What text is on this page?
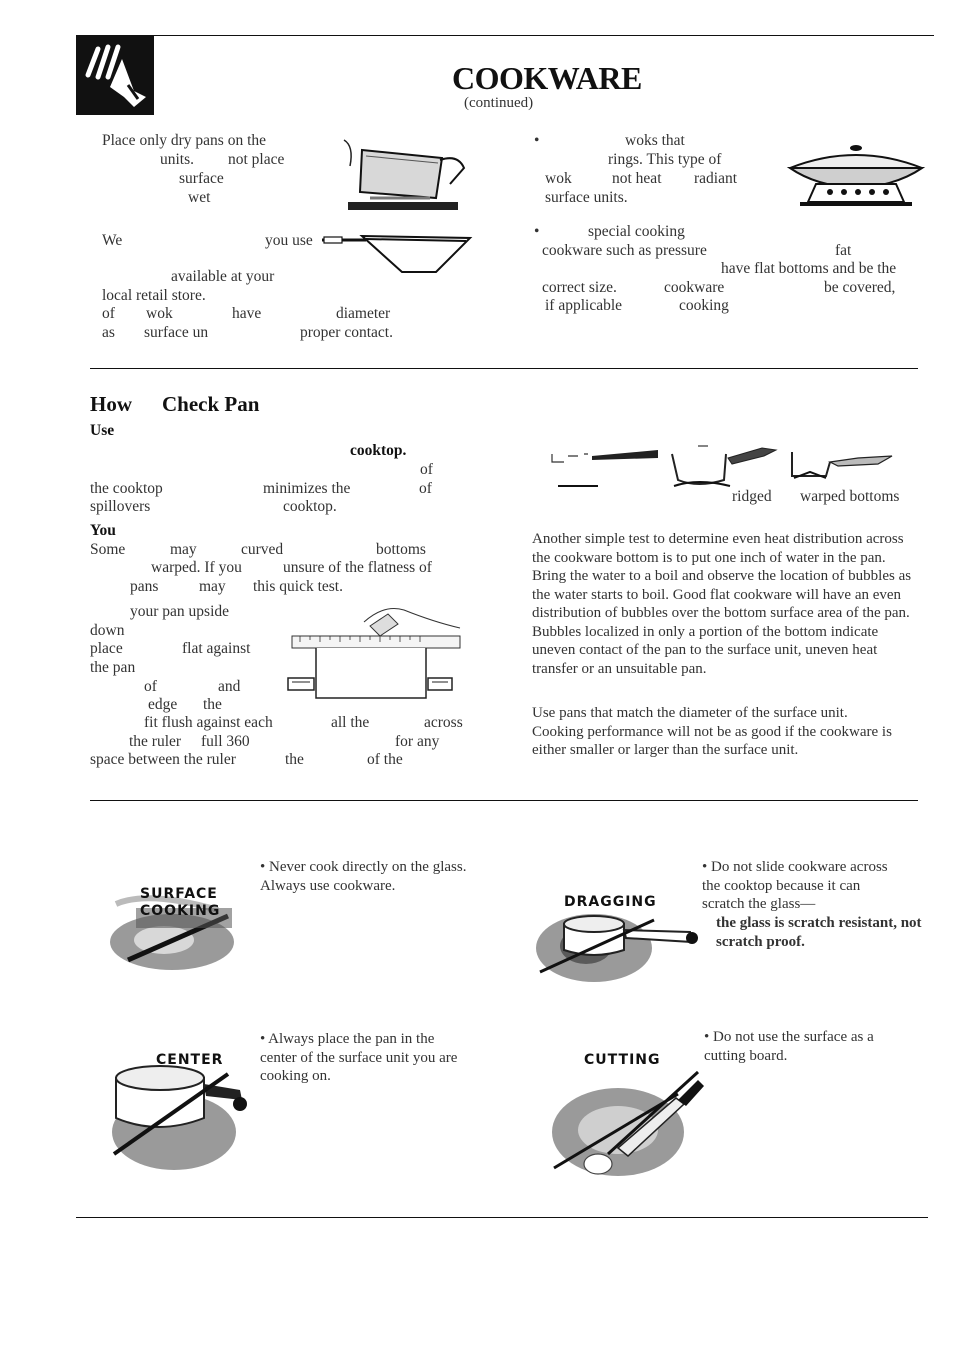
COOKWARE
(continued)
Place only dry pans on the
units. not place
surface
wet
We	you use
available at your
local retail store.
of wok	have	diameter
as surface un	proper contact.
•	woks that
rings. This type of
wok	not heat radiant
surface units.
•	special cooking
cookware such as pressure	fat
have flat bottoms and be the
correct size.	cookware	be covered,
if applicable	cooking
How Check Pan
Use
cooktop.
of
the cooktop	minimizes the	of
spillovers	cooktop.
You
Some	may	curved	bottoms
warped. If you	unsure of the flatness of
pans	may this quick test.
your pan upside
down
place	flat against
the pan
of	and
edge the
fit flush against each	all the	across
the ruler full 360	for any
space between the ruler	the	of the
ridged warped bottoms
Another simple test to determine even heat distribution across the cookware bottom is to put one inch of water in the pan. Bring the water to a boil and observe the location of bubbles as the water starts to boil. Good flat cookware will have an even distribution of bubbles over the bottom surface area of the pan. Bubbles localized in only a portion of the bottom indicate uneven contact of the pan to the surface unit, uneven heat transfer or an unsuitable pan.
Use pans that match the diameter of the surface unit. Cooking performance will not be as good if the cookware is either smaller or larger than the surface unit.
SURFACE COOKING
• Never cook directly on the glass. Always use cookware.
DRAGGING
• Do not slide cookware across the cooktop because it can scratch the glass—
the glass is scratch resistant, not scratch proof.
CENTER
• Always place the pan in the center of the surface unit you are cooking on.
CUTTING
• Do not use the surface as a cutting board.
